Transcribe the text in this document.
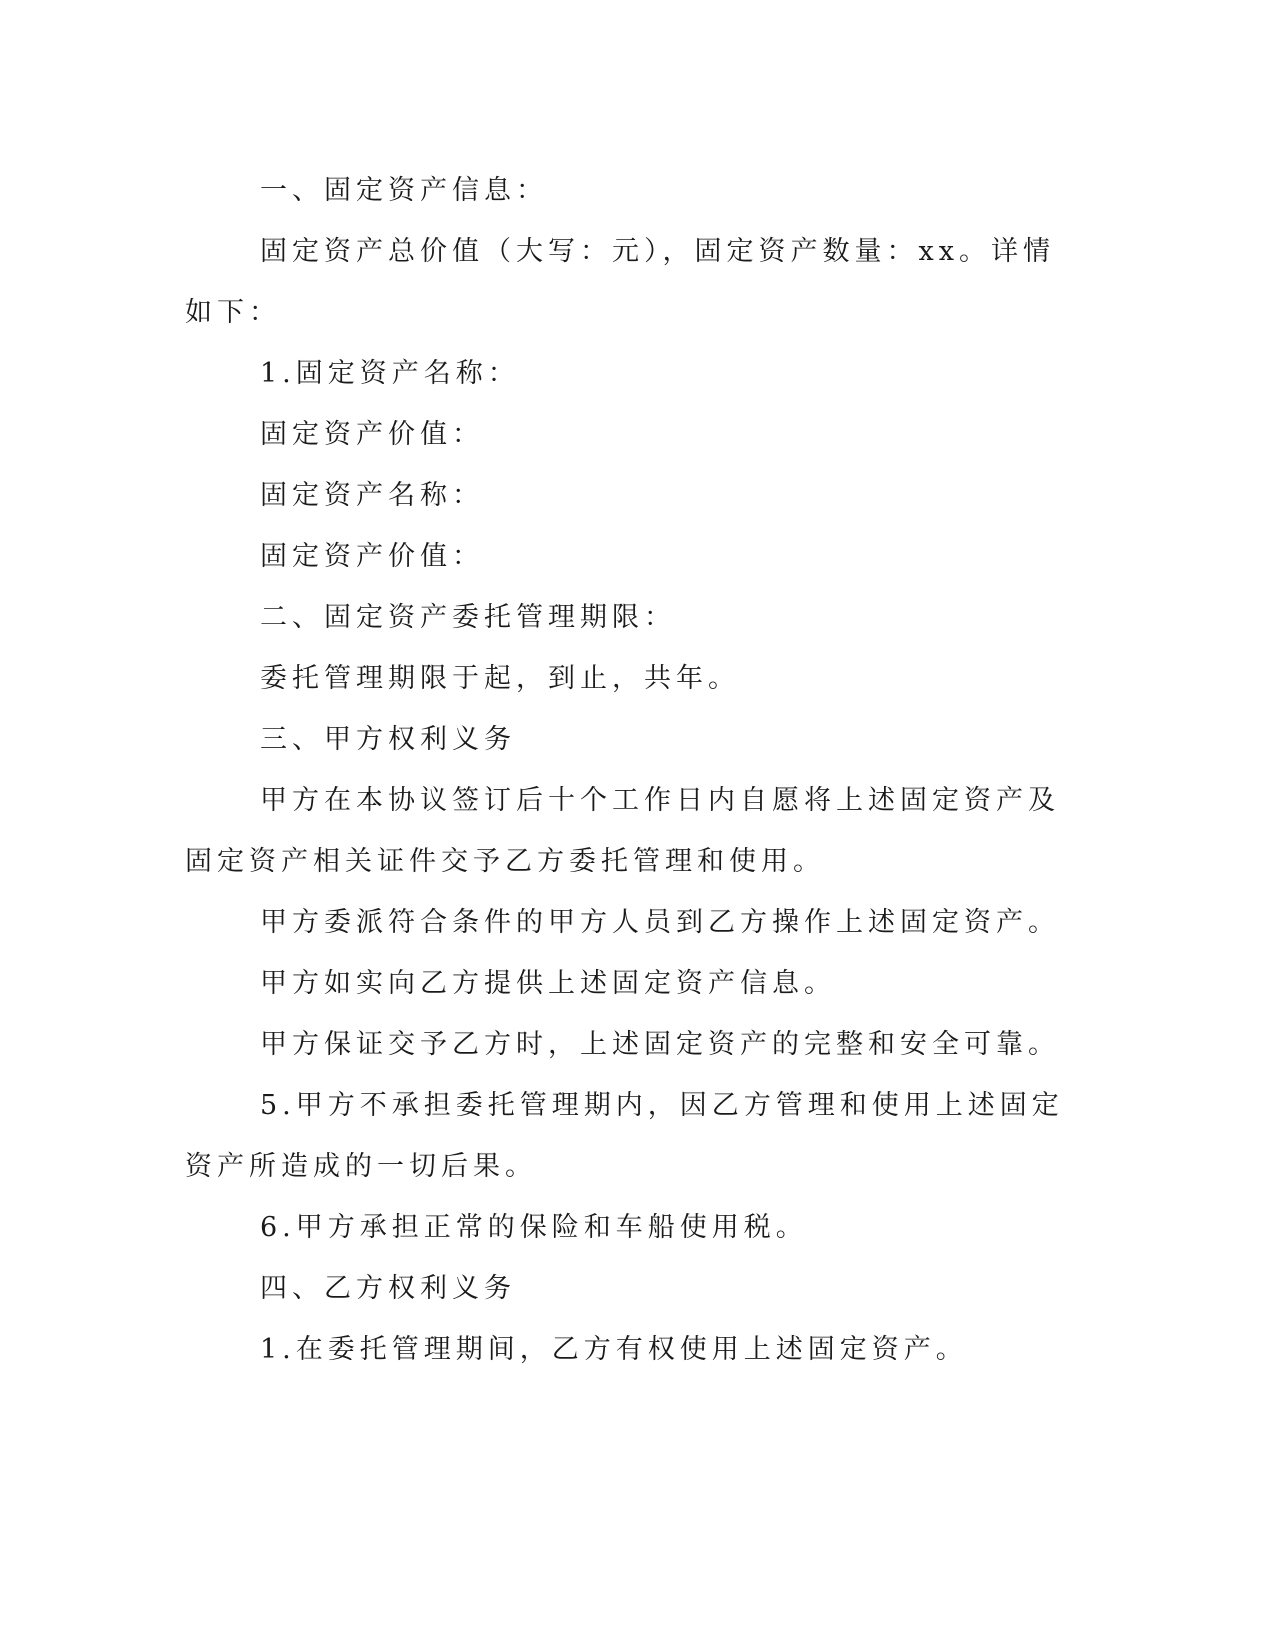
一、固定资产信息：

固定资产总价值（大写：元），固定资产数量：xx。详情如下：

1.固定资产名称：

固定资产价值：

固定资产名称：

固定资产价值：

二、固定资产委托管理期限：

委托管理期限于起，到止，共年。

三、甲方权利义务

甲方在本协议签订后十个工作日内自愿将上述固定资产及固定资产相关证件交予乙方委托管理和使用。

甲方委派符合条件的甲方人员到乙方操作上述固定资产。

甲方如实向乙方提供上述固定资产信息。

甲方保证交予乙方时，上述固定资产的完整和安全可靠。

5.甲方不承担委托管理期内，因乙方管理和使用上述固定资产所造成的一切后果。

6.甲方承担正常的保险和车船使用税。

四、乙方权利义务

1.在委托管理期间，乙方有权使用上述固定资产。
